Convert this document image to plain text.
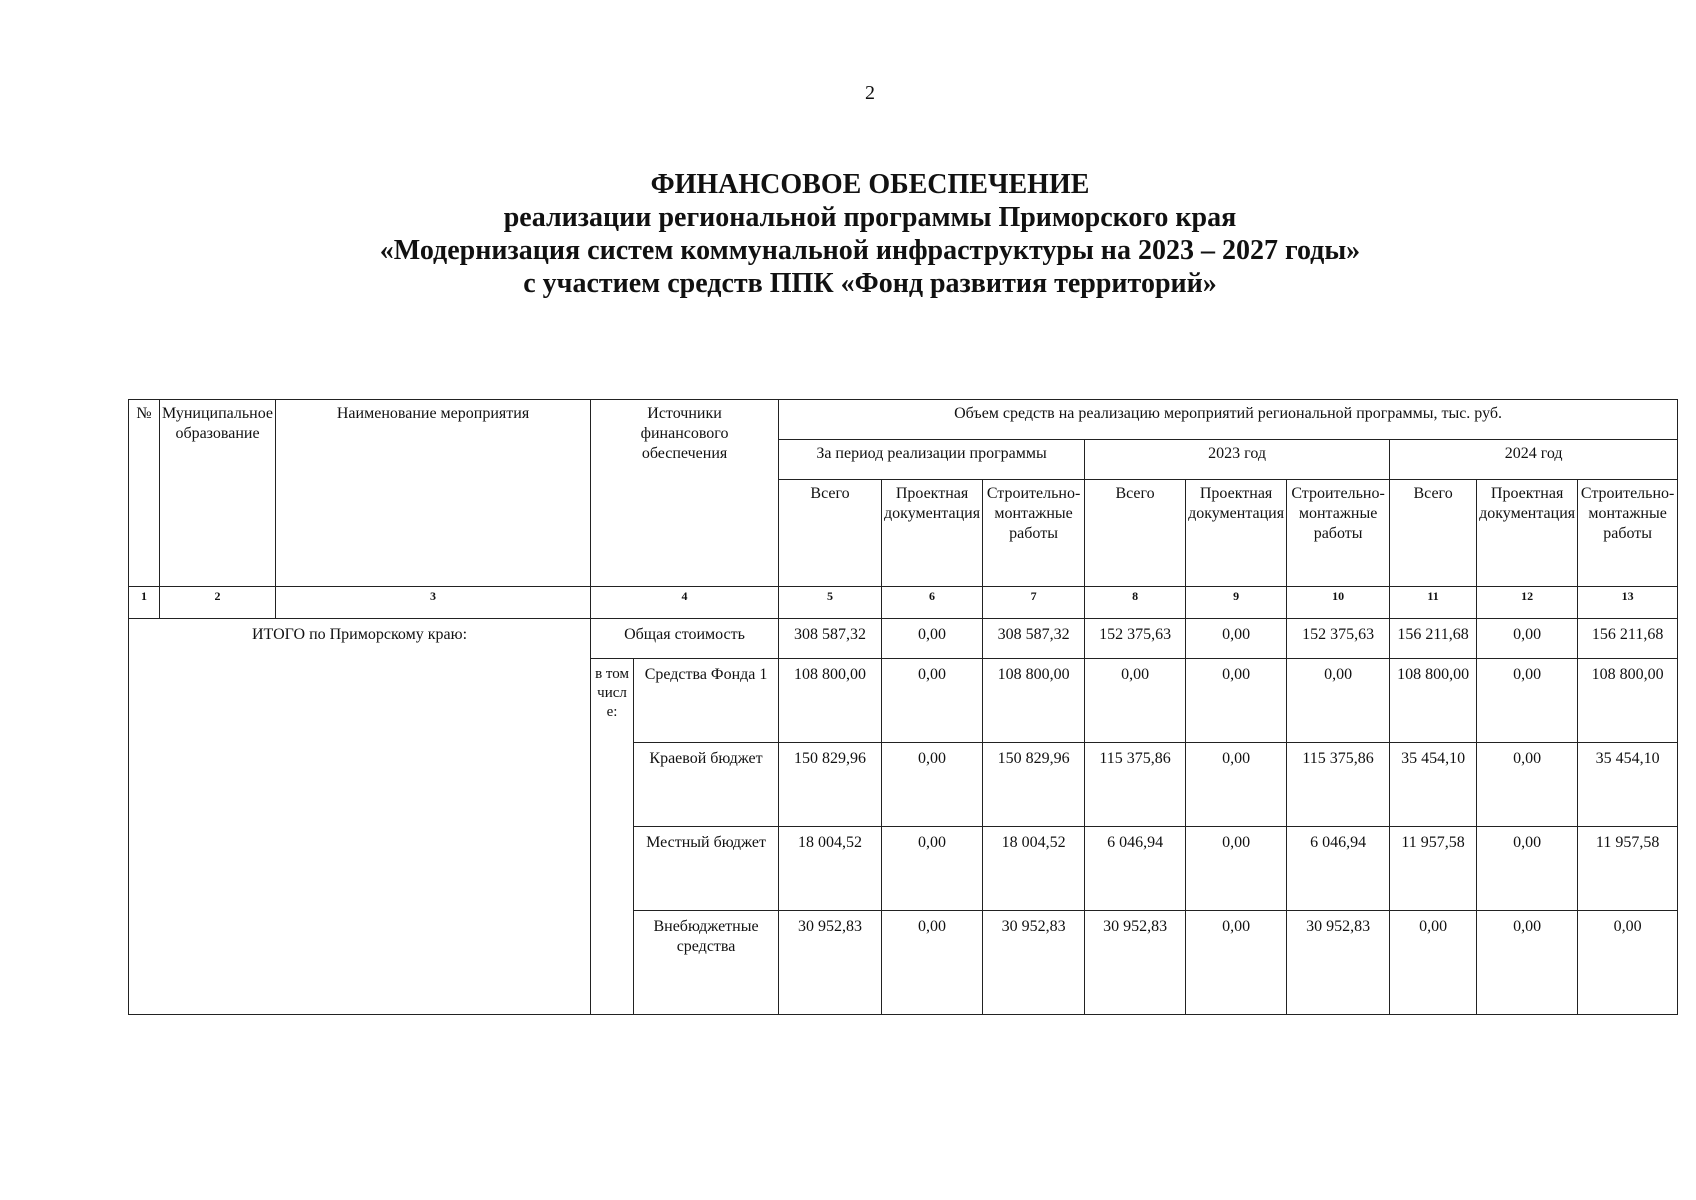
2
ФИНАНСОВОЕ ОБЕСПЕЧЕНИЕ
реализации региональной программы Приморского края
«Модернизация систем коммунальной инфраструктуры на 2023 – 2027 годы»
с участием средств ППК «Фонд развития территорий»
№	Муниципальное образование	Наименование мероприятия	Источники финансового обеспечения		Объем средств на реализацию мероприятий региональной программы, тыс. руб.								
					За период реализации программы			2023 год			2024 год		
					Всего	Проектная документация	Строительно-монтажные работы	Всего	Проектная документация	Строительно-монтажные работы	Всего	Проектная документация	Строительно-монтажные работы
1	2	3	4		5	6	7	8	9	10	11	12	13
ИТОГО по Приморскому краю:			Общая стоимость		308 587,32	0,00	308 587,32	152 375,63	0,00	152 375,63	156 211,68	0,00	156 211,68
			в том числе:	Средства Фонда 1	108 800,00	0,00	108 800,00	0,00	0,00	0,00	108 800,00	0,00	108 800,00
				Краевой бюджет	150 829,96	0,00	150 829,96	115 375,86	0,00	115 375,86	35 454,10	0,00	35 454,10
				Местный бюджет	18 004,52	0,00	18 004,52	6 046,94	0,00	6 046,94	11 957,58	0,00	11 957,58
				Внебюджетные средства	30 952,83	0,00	30 952,83	30 952,83	0,00	30 952,83	0,00	0,00	0,00
